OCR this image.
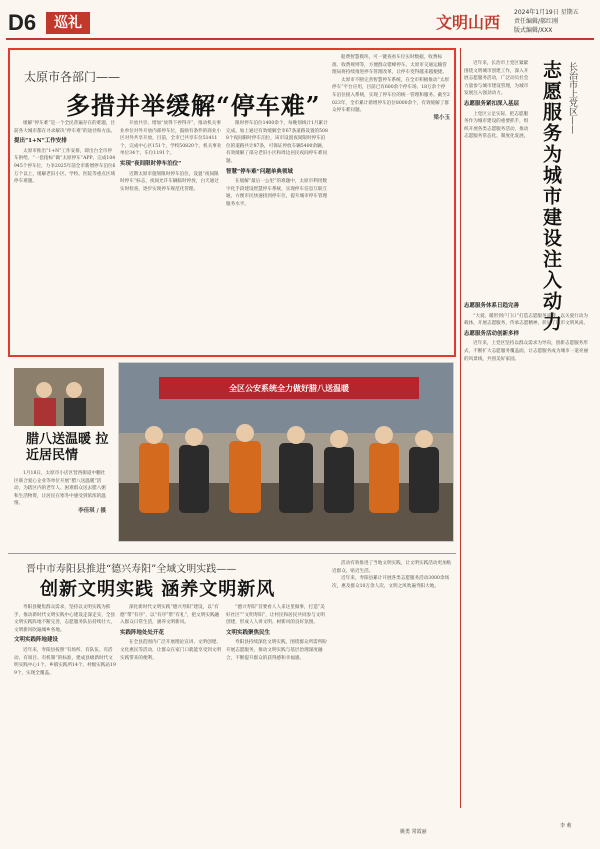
D6	巡礼	文明山西
2024年1月19日 星期五
责任编辑/郝红刚
版式编辑/XXX
太原市各部门——
多措并举缓解“停车难”

缓解“停车难”是一个全民普遍存在的难题，目前各大城市都在寻求解决“停车难”的途径和方法。

提出“1+N”工作安排

太原市推出“1+N”工作安排，即出台全市停车供给、“一套指标”做“太原停车”APP、完成104945个停车位，力争2025年前全市新增停车泊位6万个以上，缓解老旧小区、学校、医院等重点区域停车难题。

开放共享、增加“放得下停得开”，推动机关事业单位对外开放内部停车位，鼓励有条件的商业小区对外共享开放，目前，全市已共享车位51411个，完成中心区151个、学校50820个，机关事业单位34个，车位1191个。

实现“夜间限时停车泊位”

近期太原市施划限时停车泊位，设置“夜间限时停车”标志，夜间允许车辆临时停放，白天通过实时检查，逐步实现停车规范化管理。

限时停车泊位1400余个，每晚划线计1月累计完成。加上通过有效缓解全市67条道路设置的5088个夜间限时停车泊位，该市设置夜间限时停车泊位的道路共计87条，可保证停放车辆5400余辆，有效缓解了部分老旧小区和周边居民夜间停车难问题。

智慧“停车难”问题单典领域

在缓解“最后一公里”的难题中，太原市利用数字化手段建设智慧停车系统，实现停车信息互联互通，方便市民快速找到停车位，提升城市停车管理服务水平。

船费智慧模块，可一键查看车位实时数据，收费标准、收费规则等，方便群众错峰停车。太原市交通运输管理局将持续推进停车管理改革，让停车变得越来越便捷。

太原市不断完善智慧停车系统，在全市积极推动“太原停车”平台应用，目前已有600余个停车场、18万余个停车泊位接入系统，实现了停车位的统一管理和服务。截至2023年，全市累计新增停车泊位8000余个，有效缓解了群众停车难问题。

梁小玉
全区公安系统全力做好腊八送温暖
腊八送温暖 拉近居民情

1月18日，太原市小店区营西街道中鹏社区联合爱心企业等单位开展“腊八送温暖”活动，为辖区内的老年人、困难群众送去腊八粥和生活物资，让居民在寒冬中感受到浓浓的温情。

李佳琪 / 摄
长治市上党区——
志愿服务为城市建设注入动力

近年来，长治市上党区紧紧围绕文明城市创建工作，深入开展志愿服务活动，广泛动员社会力量参与城市建设管理，为城市发展注入强劲动力。

志愿服务紧扣深入基层

上党区立足实际，把志愿服务作为城市建设的重要抓手，组织开展各类志愿服务活动，推动志愿服务常态化、制度化发展。

志愿服务体系日趋完善

“大爱，暖形到户门口”打造志愿服务品牌，以关爱行动为载体，开展志愿服务，传承志愿精神，彰显了城市文明风尚。

志愿服务活动创新多样

近年来，上党区坚持以群众需求为导向，创新志愿服务形式，不断扩大志愿服务覆盖面，让志愿服务成为城市一道亮丽的风景线，共创美好家园。

李 莉
晋中市寿阳县推进“德兴寿阳”全域文明实践——
创新文明实践 涵养文明新风

寿阳县聚焦群众需求，坚持以文明实践为抓手，推动新时代文明实践中心建设走深走实，全县文明实践阵地不断完善，志愿服务队伍持续壮大，文明新风吹遍城乡各地。

文明实践阵地建设

近年来，寿阳县按照“有场所、有队伍、有活动、有项目、有机制”的标准，建成县级新时代文明实践中心1个、乡镇实践所14个、村级实践站199个，实现全覆盖。

深化新时代文明实践“德兴寿阳”建设，以“有德”带“有序”，以“有序”带“有礼”，把文明实践融入群众日常生活，涵养文明新风。

实践阵地处处开花

在全县范围内广泛开展理论宣讲、文明创建、文化惠民等活动，让群众在家门口就能享受到文明实践带来的便利。

“德兴寿阳”首要看人人来这里做事，打造“美好社区”“文明寿阳”，让村民和居民共同参与文明创建，形成人人讲文明、树新风的良好氛围。

文明实践聚焦民生

寿阳县持续深化文明实践，围绕群众所需所盼开展志愿服务，推动文明实践与基层治理深度融合，不断提升群众的获得感和幸福感。

活动有效推进了当地文明实践，让文明实践活动更加贴近群众、贴近生活。

近年来，寿阳县累计开展各类志愿服务活动3000余场次，惠及群众10万余人次，文明之风吹遍寿阳大地。

姚勇 常霞丽
